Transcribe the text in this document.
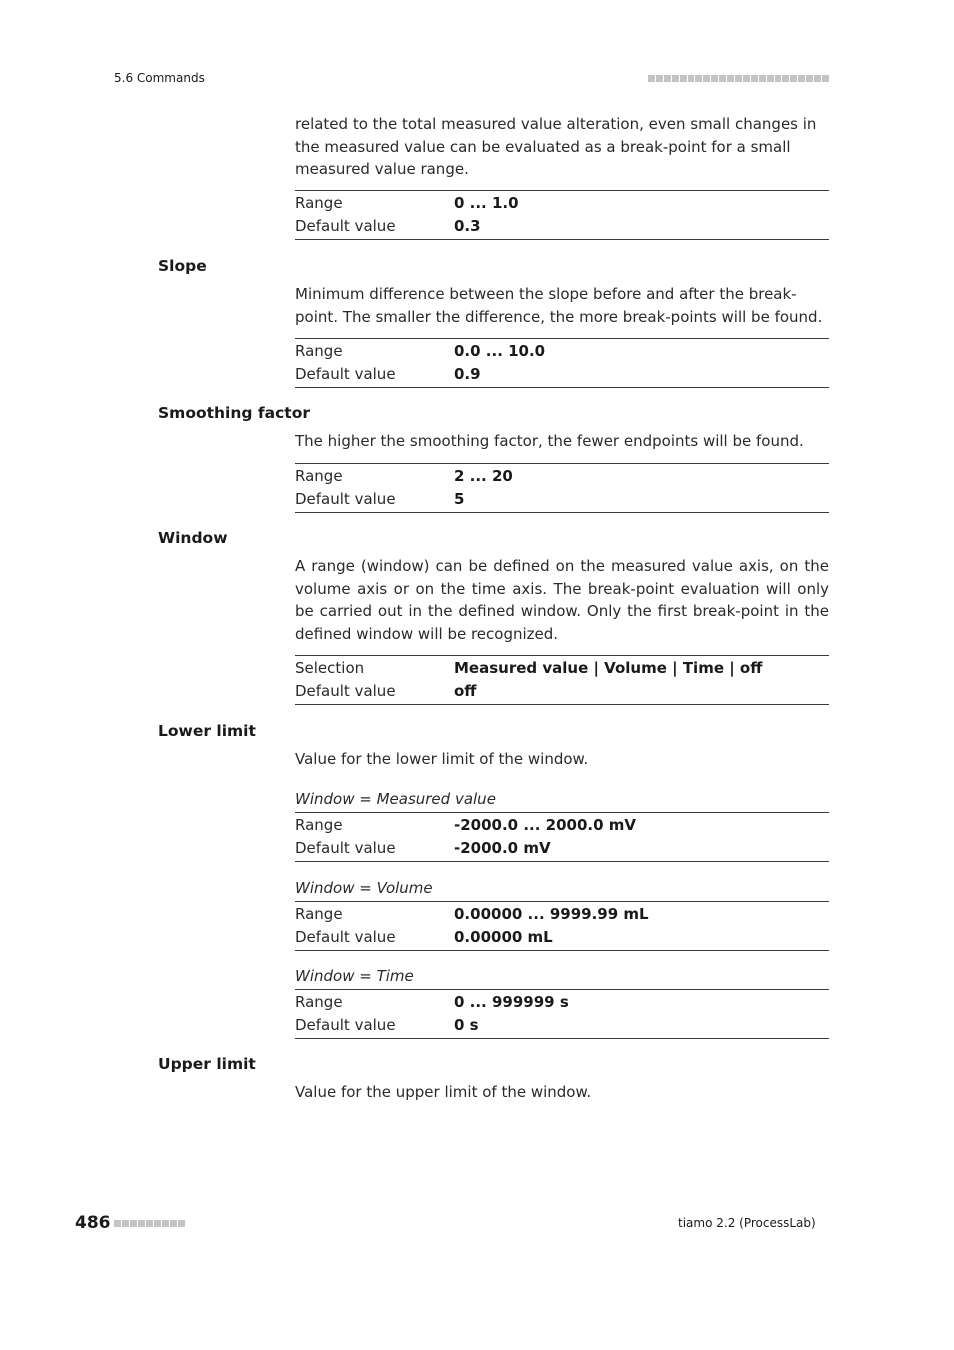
5.6 Commands

related to the total measured value alteration, even small changes in the measured value can be evaluated as a break-point for a small measured value range.

Range	0 ... 1.0
Default value	0.3
Slope

Minimum difference between the slope before and after the break-point. The smaller the difference, the more break-points will be found.

Range	0.0 ... 10.0
Default value	0.9
Smoothing factor

The higher the smoothing factor, the fewer endpoints will be found.

Range	2 ... 20
Default value	5
Window

A range (window) can be defined on the measured value axis, on the volume axis or on the time axis. The break-point evaluation will only be carried out in the defined window. Only the first break-point in the defined window will be recognized.

Selection	Measured value | Volume | Time | off
Default value	off
Lower limit

Value for the lower limit of the window.

Window = Measured value
Range	-2000.0 ... 2000.0 mV
Default value	-2000.0 mV
Window = Volume
Range	0.00000 ... 9999.99 mL
Default value	0.00000 mL
Window = Time
Range	0 ... 999999 s
Default value	0 s
Upper limit

Value for the upper limit of the window.

486	tiamo 2.2 (ProcessLab)
